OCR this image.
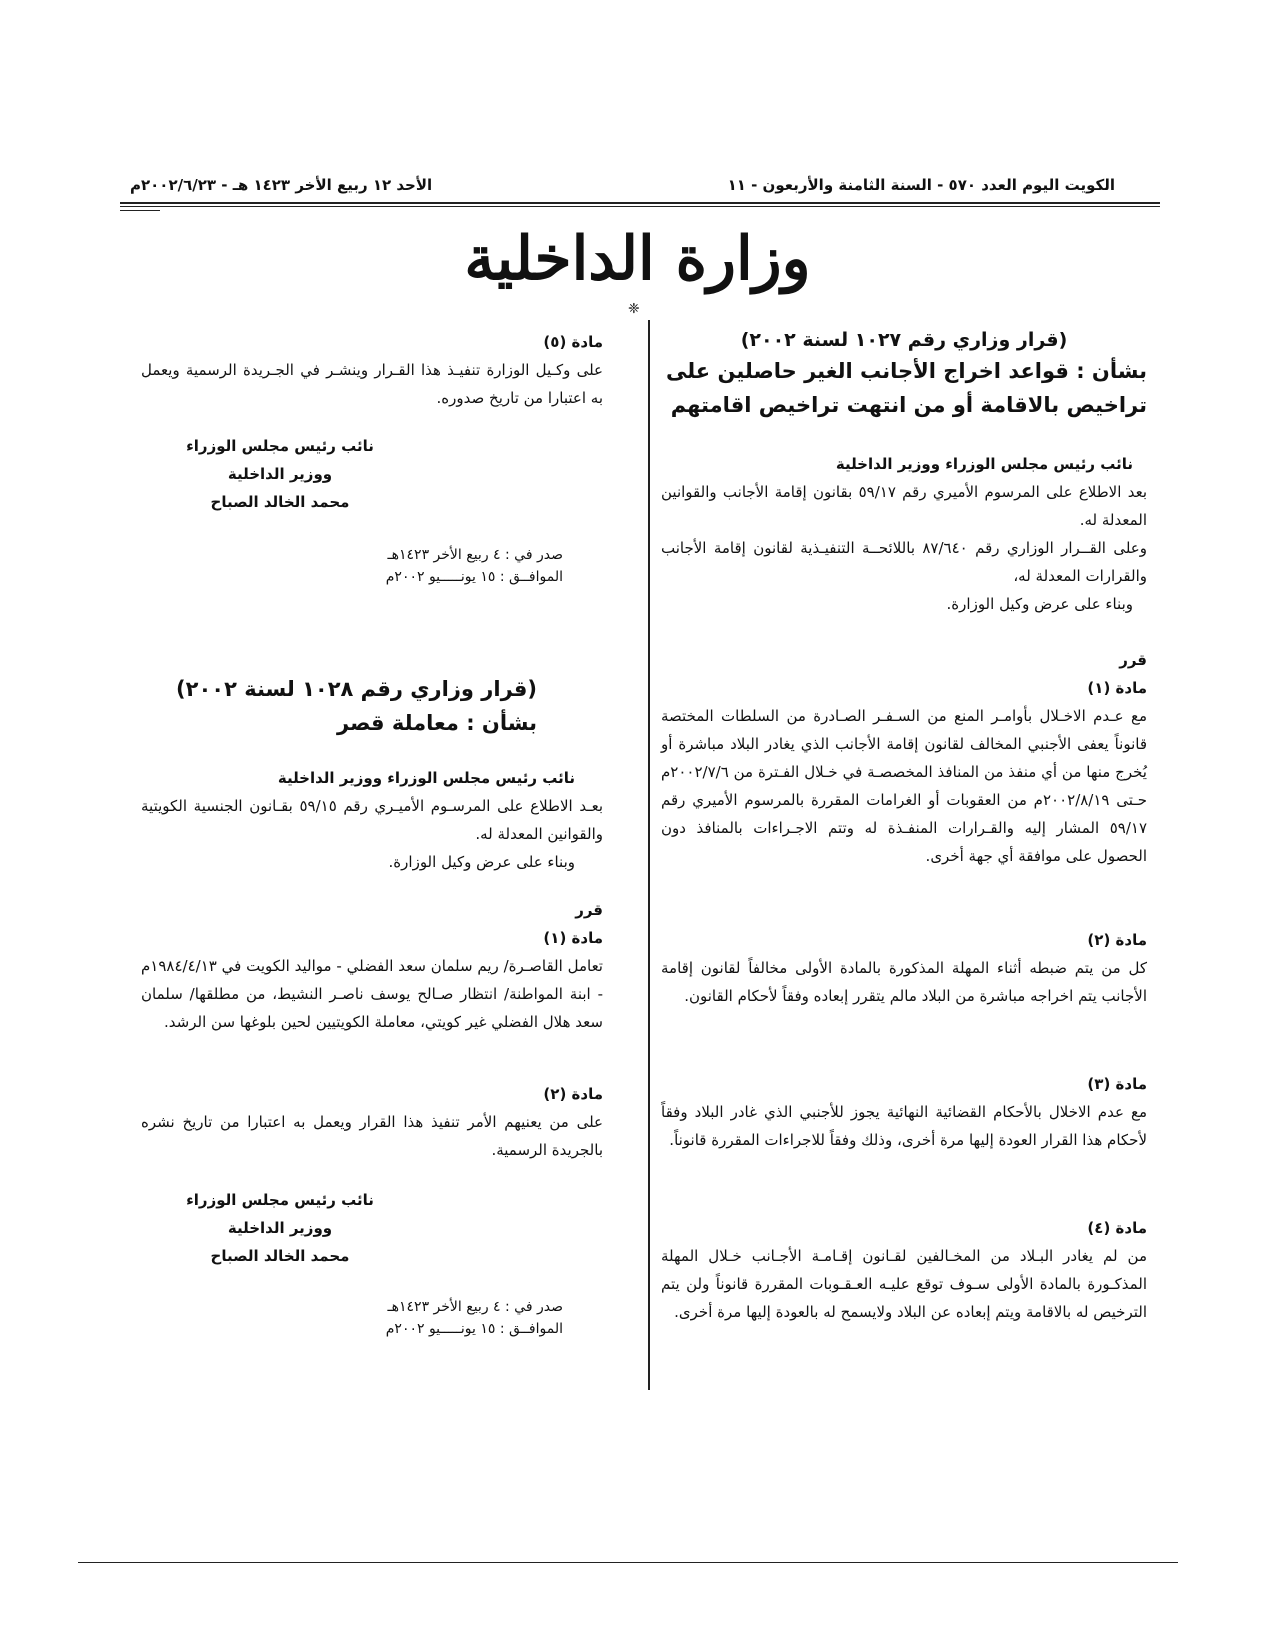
الكويت اليوم العدد ٥٧٠ - السنة الثامنة والأربعون - ١١
الأحد ١٢ ربيع الأخر ١٤٢٣ هـ - ٢٠٠٢/٦/٢٣م
وزارة الداخلية
❈
(قرار وزاري رقم ١٠٢٧ لسنة ٢٠٠٢)
بشأن : قواعد اخراج الأجانب الغير حاصلين على
تراخيص بالاقامة أو من انتهت تراخيص اقامتهم
نائب رئيس مجلس الوزراء ووزير الداخلية
بعد الاطلاع على المرسوم الأميري رقم ٥٩/١٧ بقانون إقامة الأجانب والقوانين المعدلة له.
وعلى القــرار الوزاري رقم ٨٧/٦٤٠ باللائحــة التنفيـذية لقانون إقامة الأجانب والقرارات المعدلة له،
وبناء على عرض وكيل الوزارة.
قرر
مادة (١)
مع عـدم الاخـلال بأوامـر المنع من السـفـر الصـادرة من السلطات المختصة قانوناً يعفى الأجنبي المخالف لقانون إقامة الأجانب الذي يغادر البلاد مباشرة أو يُخرج منها من أي منفذ من المنافذ المخصصـة في خـلال الفـترة من ٢٠٠٢/٧/٦م حـتى ٢٠٠٢/٨/١٩م من العقوبات أو الغرامات المقررة بالمرسوم الأميري رقم ٥٩/١٧ المشار إليه والقـرارات المنفـذة له وتتم الاجـراءات بالمنافذ دون الحصول على موافقة أي جهة أخرى.
مادة (٢)
كل من يتم ضبطه أثناء المهلة المذكورة بالمادة الأولى مخالفاً لقانون إقامة الأجانب يتم اخراجه مباشرة من البلاد مالم يتقرر إبعاده وفقاً لأحكام القانون.
مادة (٣)
مع عدم الاخلال بالأحكام القضائية النهائية يجوز للأجنبي الذي غادر البلاد وفقاً لأحكام هذا القرار العودة إليها مرة أخرى، وذلك وفقاً للاجراءات المقررة قانوناً.
مادة (٤)
من لم يغادر البـلاد من المخـالفين لقـانون إقـامـة الأجـانب خـلال المهلة المذكـورة بالمادة الأولى سـوف توقع عليـه العـقـوبات المقررة قانوناً ولن يتم الترخيص له بالاقامة ويتم إبعاده عن البلاد ولايسمح له بالعودة إليها مرة أخرى.
مادة (٥)
على وكـيل الوزارة تنفيـذ هذا القـرار وينشـر في الجـريدة الرسمية ويعمل به اعتبارا من تاريخ صدوره.
نائب رئيس مجلس الوزراء
ووزير الداخلية
محمد الخالد الصباح
صدر في : ٤ ربيع الأخر ١٤٢٣هـ
الموافــق : ١٥ يونـــــيو ٢٠٠٢م
(قرار وزاري رقم ١٠٢٨ لسنة ٢٠٠٢)
بشأن : معاملة قصر
نائب رئيس مجلس الوزراء ووزير الداخلية
بعـد الاطلاع على المرسـوم الأميـري رقم ٥٩/١٥ بقـانون الجنسية الكويتية والقوانين المعدلة له.
وبناء على عرض وكيل الوزارة.
قرر
مادة (١)
تعامل القاصـرة/ ريم سلمان سعد الفضلي - مواليد الكويت في ١٩٨٤/٤/١٣م - ابنة المواطنة/ انتظار صـالح يوسف ناصـر النشيط، من مطلقها/ سلمان سعد هلال الفضلي غير كويتي، معاملة الكويتيين لحين بلوغها سن الرشد.
مادة (٢)
على من يعنيهم الأمر تنفيذ هذا القرار ويعمل به اعتبارا من تاريخ نشره بالجريدة الرسمية.
نائب رئيس مجلس الوزراء
ووزير الداخلية
محمد الخالد الصباح
صدر في : ٤ ربيع الأخر ١٤٢٣هـ
الموافــق : ١٥ يونـــــيو ٢٠٠٢م
